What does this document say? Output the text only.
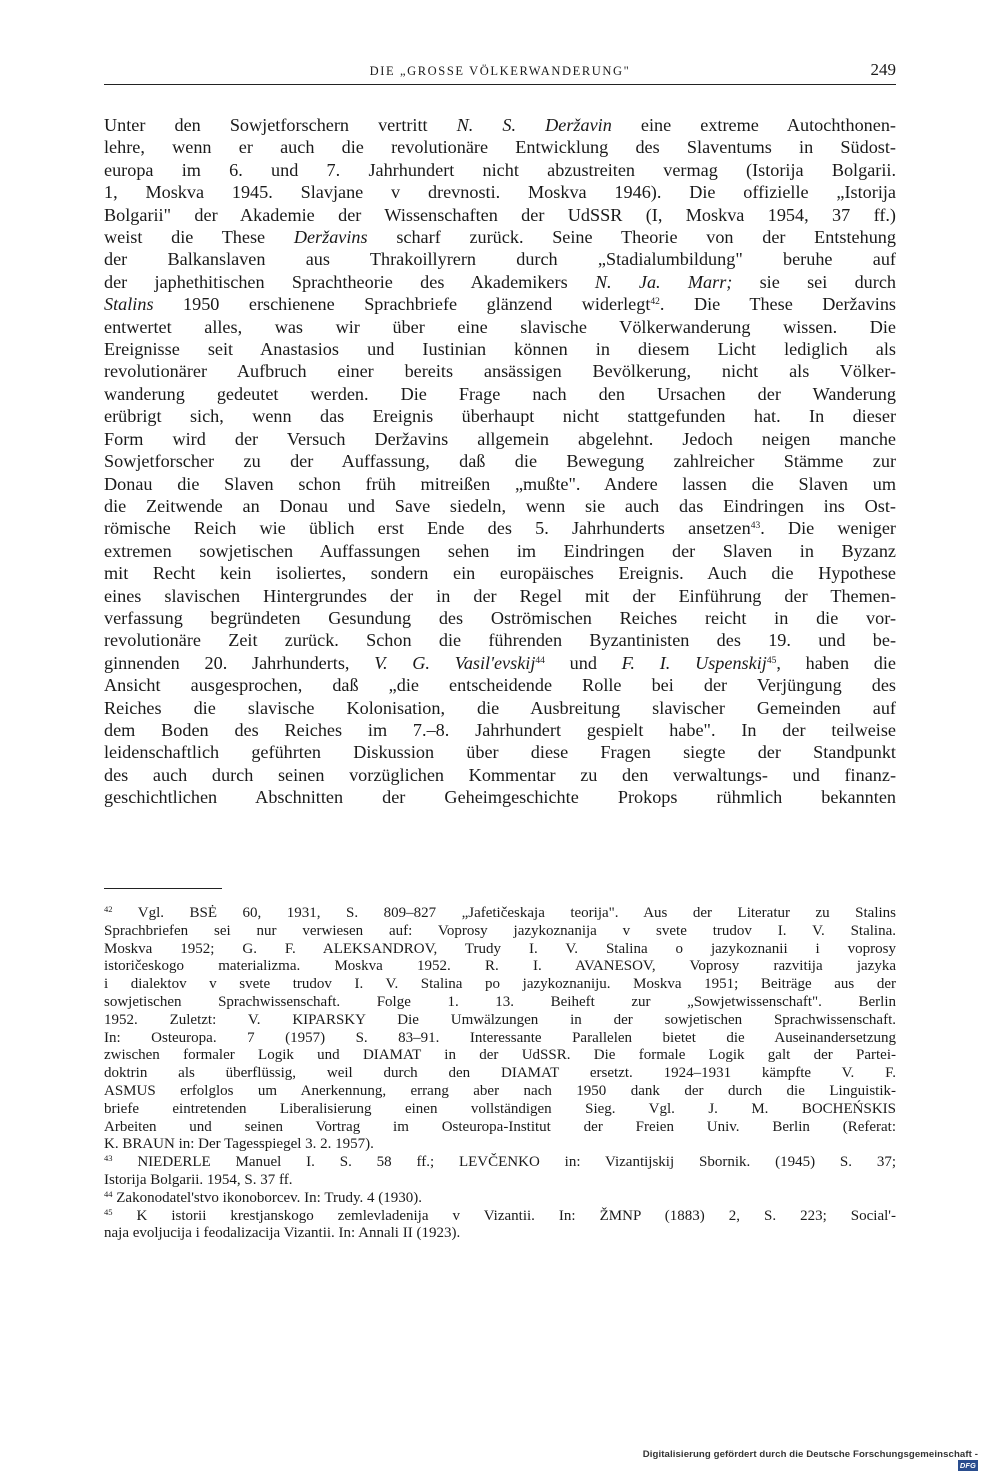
DIE „GROSSE VÖLKERWANDERUNG"	249
Unter den Sowjetforschern vertritt N. S. Deržavin eine extreme Autochthonen-
lehre, wenn er auch die revolutionäre Entwicklung des Slaventums in Südost-
europa im 6. und 7. Jahrhundert nicht abzustreiten vermag (Istorija Bolgarii.
1, Moskva 1945. Slavjane v drevnosti. Moskva 1946). Die offizielle „Istorija
Bolgarii" der Akademie der Wissenschaften der UdSSR (I, Moskva 1954, 37 ff.)
weist die These Deržavins scharf zurück. Seine Theorie von der Entstehung
der Balkanslaven aus Thrakoillyrern durch „Stadialumbildung" beruhe auf
der japhethitischen Sprachtheorie des Akademikers N. Ja. Marr; sie sei durch
Stalins 1950 erschienene Sprachbriefe glänzend widerlegt$^{42}$. Die These Deržavins
entwertet alles, was wir über eine slavische Völkerwanderung wissen. Die
Ereignisse seit Anastasios und Iustinian können in diesem Licht lediglich als
revolutionärer Aufbruch einer bereits ansässigen Bevölkerung, nicht als Völker-
wanderung gedeutet werden. Die Frage nach den Ursachen der Wanderung
erübrigt sich, wenn das Ereignis überhaupt nicht stattgefunden hat. In dieser
Form wird der Versuch Deržavins allgemein abgelehnt. Jedoch neigen manche
Sowjetforscher zu der Auffassung, daß die Bewegung zahlreicher Stämme zur
Donau die Slaven schon früh mitreißen „mußte". Andere lassen die Slaven um
die Zeitwende an Donau und Save siedeln, wenn sie auch das Eindringen ins Ost-
römische Reich wie üblich erst Ende des 5. Jahrhunderts ansetzen$^{43}$. Die weniger
extremen sowjetischen Auffassungen sehen im Eindringen der Slaven in Byzanz
mit Recht kein isoliertes, sondern ein europäisches Ereignis. Auch die Hypothese
eines slavischen Hintergrundes der in der Regel mit der Einführung der Themen-
verfassung begründeten Gesundung des Oströmischen Reiches reicht in die vor-
revolutionäre Zeit zurück. Schon die führenden Byzantinisten des 19. und be-
ginnenden 20. Jahrhunderts, V. G. Vasil'evskij$^{44}$ und F. I. Uspenskij$^{45}$, haben die
Ansicht ausgesprochen, daß „die entscheidende Rolle bei der Verjüngung des
Reiches die slavische Kolonisation, die Ausbreitung slavischer Gemeinden auf
dem Boden des Reiches im 7.–8. Jahrhundert gespielt habe". In der teilweise
leidenschaftlich geführten Diskussion über diese Fragen siegte der Standpunkt
des auch durch seinen vorzüglichen Kommentar zu den verwaltungs- und finanz-
geschichtlichen Abschnitten der Geheimgeschichte Prokops rühmlich bekannten
$^{42}$ Vgl. BSĖ 60, 1931, S. 809–827 „Jafetičeskaja teorija". Aus der Literatur zu Stalins
Sprachbriefen sei nur verwiesen auf: Voprosy jazykoznanija v svete trudov I. V. Stalina.
Moskva 1952; G. F. ALEKSANDROV, Trudy I. V. Stalina o jazykoznanii i voprosy
istoričeskogo materializma. Moskva 1952. R. I. AVANESOV, Voprosy razvitija jazyka
i dialektov v svete trudov I. V. Stalina po jazykoznaniju. Moskva 1951; Beiträge aus der
sowjetischen Sprachwissenschaft. Folge 1. 13. Beiheft zur „Sowjetwissenschaft". Berlin
1952. Zuletzt: V. KIPARSKY Die Umwälzungen in der sowjetischen Sprachwissenschaft.
In: Osteuropa. 7 (1957) S. 83–91. Interessante Parallelen bietet die Auseinandersetzung
zwischen formaler Logik und DIAMAT in der UdSSR. Die formale Logik galt der Partei-
doktrin als überflüssig, weil durch den DIAMAT ersetzt. 1924–1931 kämpfte V. F.
ASMUS erfolglos um Anerkennung, errang aber nach 1950 dank der durch die Linguistik-
briefe eintretenden Liberalisierung einen vollständigen Sieg. Vgl. J. M. BOCHEŃSKIS
Arbeiten und seinen Vortrag im Osteuropa-Institut der Freien Univ. Berlin (Referat:
K. BRAUN in: Der Tagesspiegel 3. 2. 1957).
$^{43}$ NIEDERLE Manuel I. S. 58 ff.; LEVČENKO in: Vizantijskij Sbornik. (1945) S. 37;
Istorija Bolgarii. 1954, S. 37 ff.
$^{44}$ Zakonodatel'stvo ikonoborcev. In: Trudy. 4 (1930).
$^{45}$ K istorii krestjanskogo zemlevladenija v Vizantii. In: ŽMNP (1883) 2, S. 223; Social'-
naja evoljucija i feodalizacija Vizantii. In: Annali II (1923).
Digitalisierung gefördert durch die Deutsche Forschungsgemeinschaft - DFG
